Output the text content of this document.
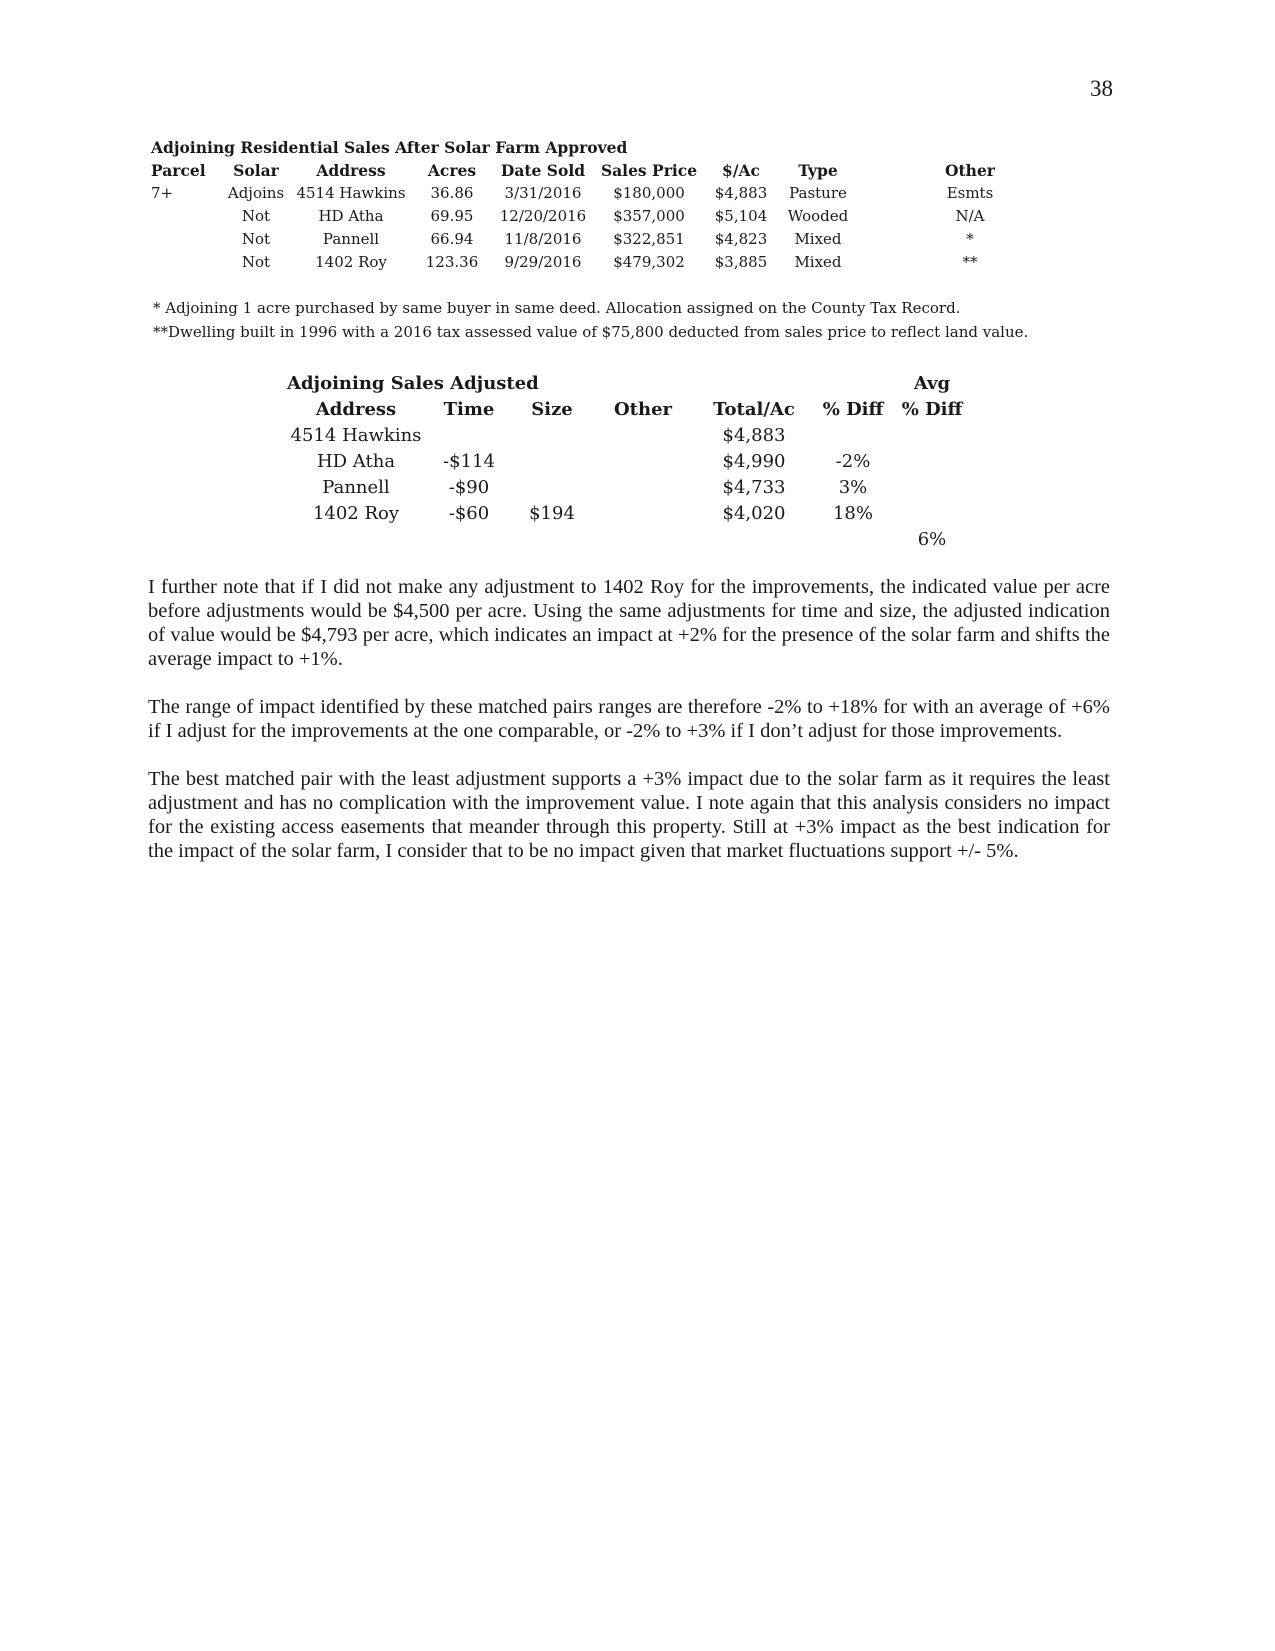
38
Adjoining Residential Sales After Solar Farm Approved
Parcel	Solar	Address	Acres	Date Sold	Sales Price	$/Ac	Type		Other
7+	Adjoins	4514 Hawkins	36.86	3/31/2016	$180,000	$4,883	Pasture		Esmts
	Not	HD Atha	69.95	12/20/2016	$357,000	$5,104	Wooded		N/A
	Not	Pannell	66.94	11/8/2016	$322,851	$4,823	Mixed		*
	Not	1402 Roy	123.36	9/29/2016	$479,302	$3,885	Mixed		**

* Adjoining 1 acre purchased by same buyer in same deed. Allocation assigned on the County Tax Record.

**Dwelling built in 1996 with a 2016 tax assessed value of $75,800 deducted from sales price to reflect land value.

Adjoining Sales Adjusted						Avg
Address	Time	Size	Other	Total/Ac	% Diff	% Diff
4514 Hawkins				$4,883		
HD Atha	-$114			$4,990	-2%	
Pannell	-$90			$4,733	3%	
1402 Roy	-$60	$194		$4,020	18%	
						6%

I further note that if I did not make any adjustment to 1402 Roy for the improvements, the indicated value per acre before adjustments would be $4,500 per acre. Using the same adjustments for time and size, the adjusted indication of value would be $4,793 per acre, which indicates an impact at +2% for the presence of the solar farm and shifts the average impact to +1%.

The range of impact identified by these matched pairs ranges are therefore -2% to +18% for with an average of +6% if I adjust for the improvements at the one comparable, or -2% to +3% if I don’t adjust for those improvements.

The best matched pair with the least adjustment supports a +3% impact due to the solar farm as it requires the least adjustment and has no complication with the improvement value. I note again that this analysis considers no impact for the existing access easements that meander through this property. Still at +3% impact as the best indication for the impact of the solar farm, I consider that to be no impact given that market fluctuations support +/- 5%.
